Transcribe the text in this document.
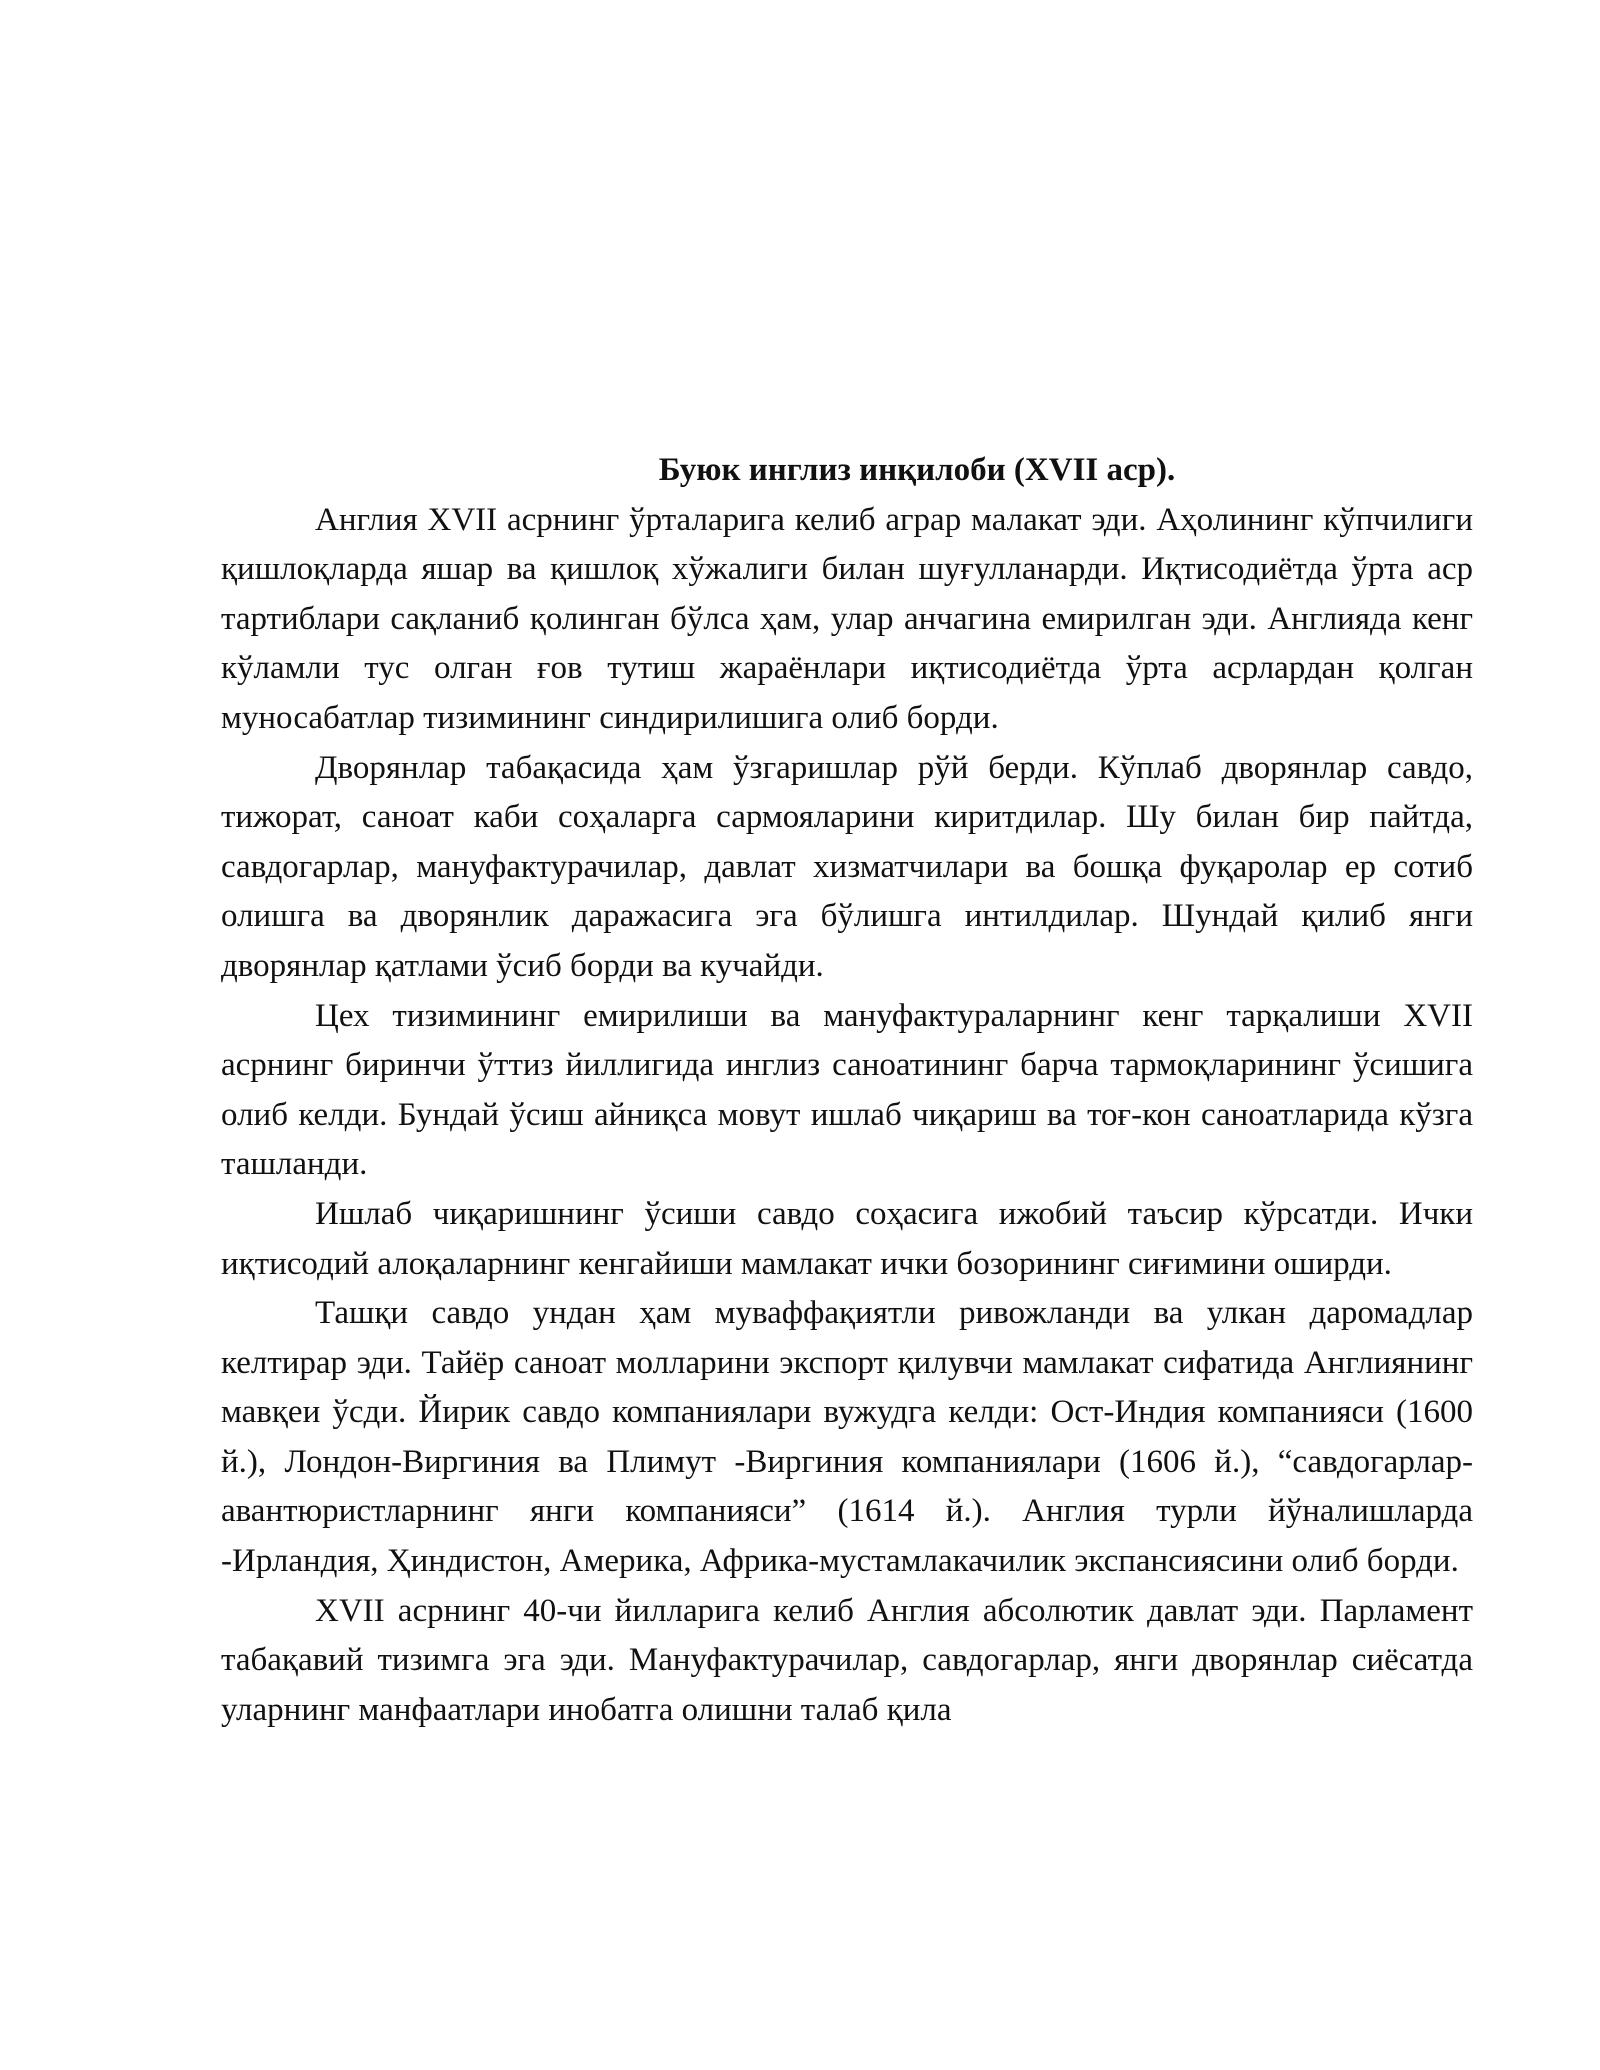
Буюк инглиз инқилоби (XVII аср).

Англия XVII асрнинг ўрталарига келиб аграр малакат эди. Аҳолининг кўпчилиги қишлоқларда яшар ва қишлоқ хўжалиги билан шуғулланарди. Иқтисодиётда ўрта аср тартиблари сақланиб қолинган бўлса ҳам, улар анчагина емирилган эди. Англияда кенг кўламли тус олган ғов тутиш жараёнлари иқтисодиётда ўрта асрлардан қолган муносабатлар тизимининг синдирилишига олиб борди.

Дворянлар табақасида ҳам ўзгаришлар рўй берди. Кўплаб дворянлар савдо, тижорат, саноат каби соҳаларга сармояларини киритдилар. Шу билан бир пайтда, савдогарлар, мануфактурачилар, давлат хизматчилари ва бошқа фуқаролар ер сотиб олишга ва дворянлик даражасига эга бўлишга интилдилар. Шундай қилиб янги дворянлар қатлами ўсиб борди ва кучайди.

Цех тизимининг емирилиши ва мануфактураларнинг кенг тарқалиши XVII асрнинг биринчи ўттиз йиллигида инглиз саноатининг барча тармоқларининг ўсишига олиб келди. Бундай ўсиш айниқса мовут ишлаб чиқариш ва тоғ-кон саноатларида кўзга ташланди.

Ишлаб чиқаришнинг ўсиши савдо соҳасига ижобий таъсир кўрсатди. Ички иқтисодий алоқаларнинг кенгайиши мамлакат ички бозорининг сиғимини оширди.

Ташқи савдо ундан ҳам муваффақиятли ривожланди ва улкан даромадлар келтирар эди. Тайёр саноат молларини экспорт қилувчи мамлакат сифатида Англиянинг мавқеи ўсди. Йирик савдо компаниялари вужудга келди: Ост-Индия компанияси (1600 й.), Лондон-Виргиния ва Плимут -Виргиния компаниялари (1606 й.), “савдогарлар-авантюристларнинг янги компанияси” (1614 й.). Англия турли йўналишларда -Ирландия, Ҳиндистон, Америка, Африка-мустамлакачилик экспансиясини олиб борди.

XVII асрнинг 40-чи йилларига келиб Англия абсолютик давлат эди. Парламент табақавий тизимга эга эди. Мануфактурачилар, савдогарлар, янги дворянлар сиёсатда уларнинг манфаатлари инобатга олишни талаб қила
